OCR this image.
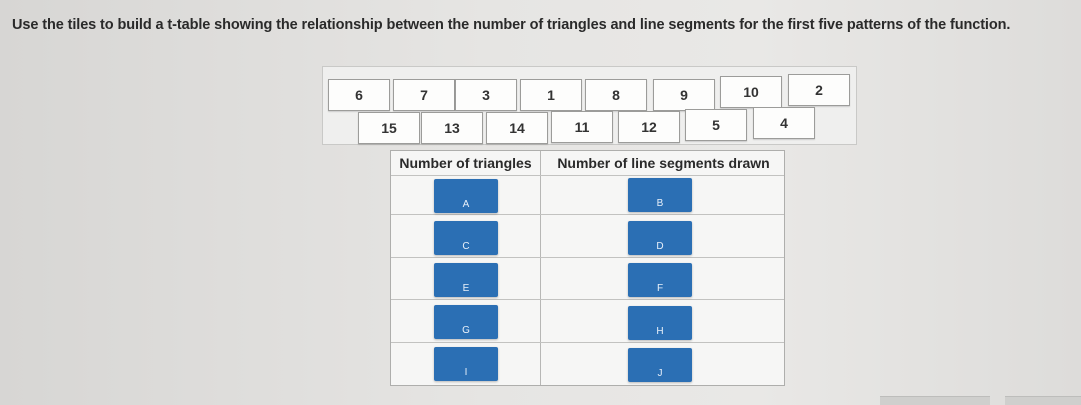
Use the tiles to build a t-table showing the relationship between the number of triangles and line segments for the first five patterns of the function.
6	7	3	1	8	9	10	2
15	13	14	11	12	5	4
Number of triangles	Number of line segments drawn
A	B
C	D
E	F
G	H
I	J
